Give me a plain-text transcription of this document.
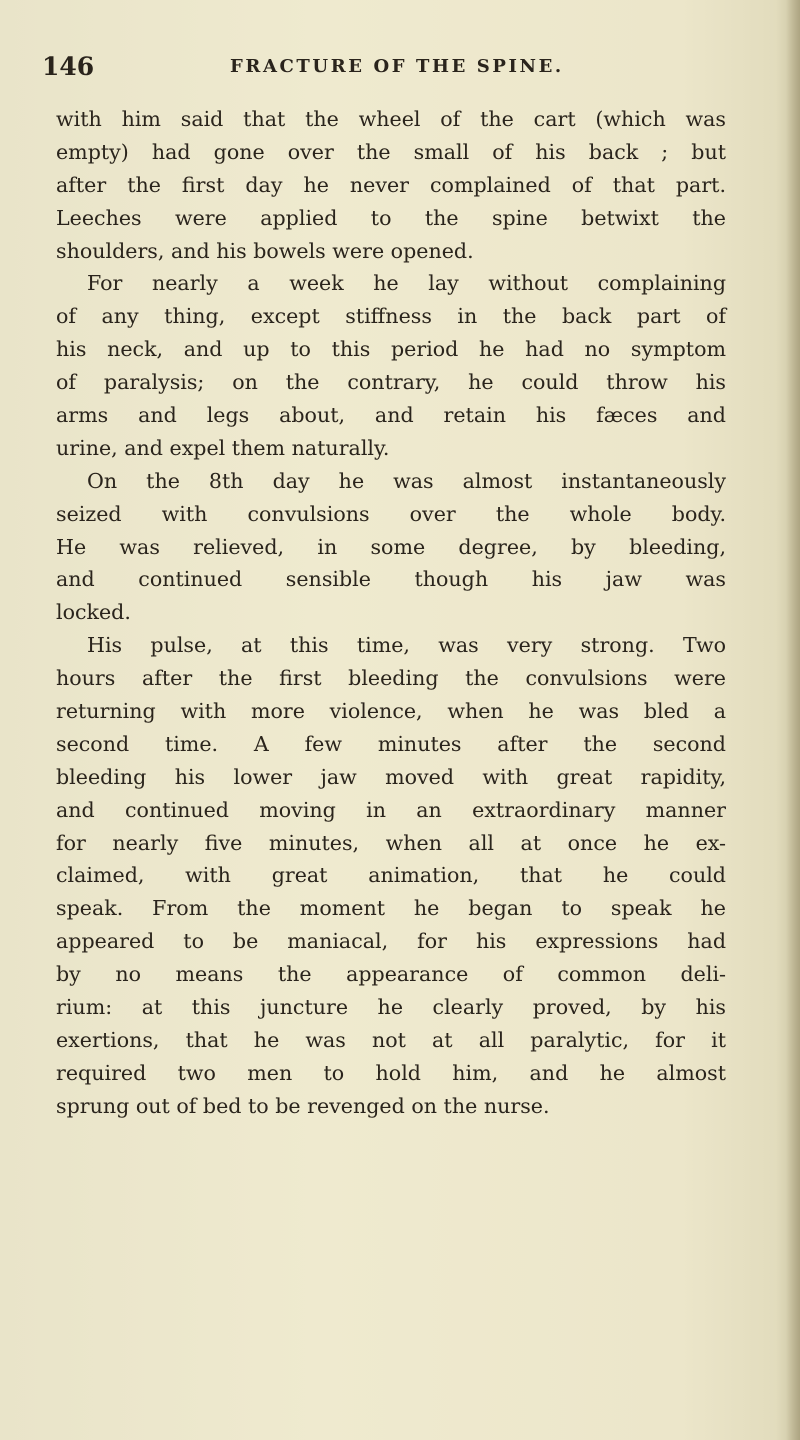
146	FRACTURE OF THE SPINE.
with him said that the wheel of the cart (which was
empty) had gone over the small of his back ; but
after the first day he never complained of that part.
Leeches were applied to the spine betwixt the
shoulders, and his bowels were opened.
For nearly a week he lay without complaining
of any thing, except stiffness in the back part of
his neck, and up to this period he had no symptom
of paralysis; on the contrary, he could throw his
arms and legs about, and retain his fæces and
urine, and expel them naturally.
On the 8th day he was almost instantaneously
seized with convulsions over the whole body.
He was relieved, in some degree, by bleeding,
and continued sensible though his jaw was
locked.
His pulse, at this time, was very strong. Two
hours after the first bleeding the convulsions were
returning with more violence, when he was bled a
second time. A few minutes after the second
bleeding his lower jaw moved with great rapidity,
and continued moving in an extraordinary manner
for nearly five minutes, when all at once he ex-
claimed, with great animation, that he could
speak. From the moment he began to speak he
appeared to be maniacal, for his expressions had
by no means the appearance of common deli-
rium: at this juncture he clearly proved, by his
exertions, that he was not at all paralytic, for it
required two men to hold him, and he almost
sprung out of bed to be revenged on the nurse.
